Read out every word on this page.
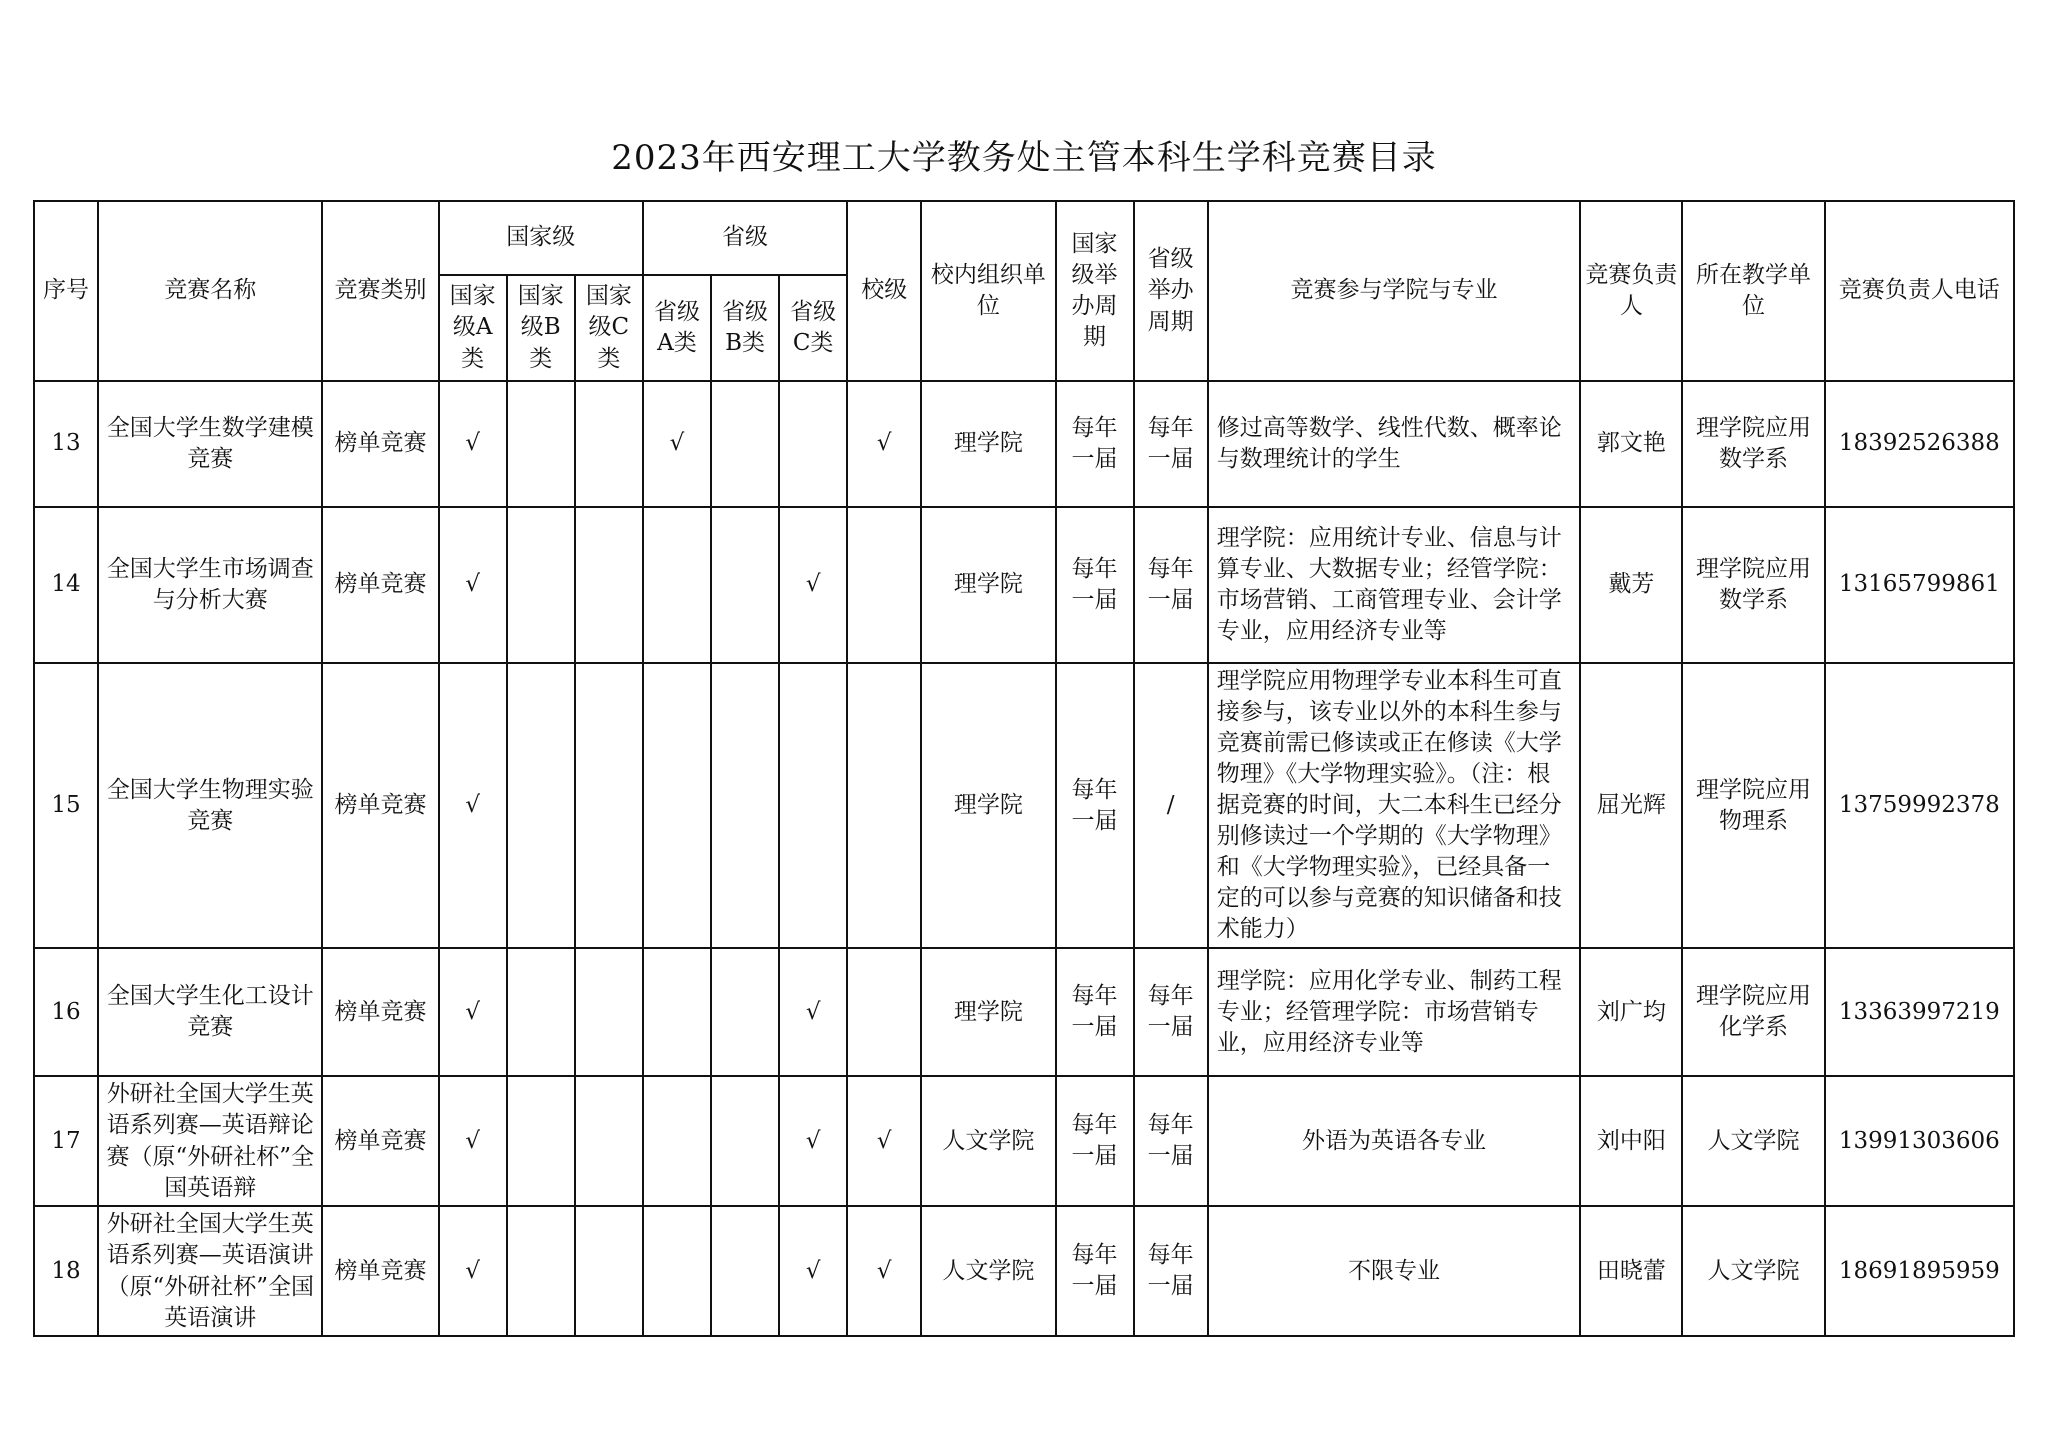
2023年西安理工大学教务处主管本科生学科竞赛目录
序号	竞赛名称	竞赛类别	国家级			省级			校级	校内组织单位	国家级举办周期	省级举办周期	竞赛参与学院与专业	竞赛负责人	所在教学单位	竞赛负责人电话
			国家级A类	国家级B类	国家级C类	省级A类	省级B类	省级C类								
13	全国大学生数学建模竞赛	榜单竞赛	√			√			√	理学院	每年一届	每年一届	修过高等数学、线性代数、概率论与数理统计的学生	郭文艳	理学院应用数学系	18392526388
14	全国大学生市场调查与分析大赛	榜单竞赛	√					√		理学院	每年一届	每年一届	理学院：应用统计专业、信息与计算专业、大数据专业；经管学院：市场营销、工商管理专业、会计学专业，应用经济专业等	戴芳	理学院应用数学系	13165799861
15	全国大学生物理实验竞赛	榜单竞赛	√							理学院	每年一届	/	理学院应用物理学专业本科生可直接参与，该专业以外的本科生参与竞赛前需已修读或正在修读《大学物理》《大学物理实验》。（注：根据竞赛的时间，大二本科生已经分别修读过一个学期的《大学物理》和《大学物理实验》，已经具备一定的可以参与竞赛的知识储备和技术能力）	屈光辉	理学院应用物理系	13759992378
16	全国大学生化工设计竞赛	榜单竞赛	√					√		理学院	每年一届	每年一届	理学院：应用化学专业、制药工程专业；经管理学院：市场营销专业，应用经济专业等	刘广均	理学院应用化学系	13363997219
17	外研社全国大学生英语系列赛—英语辩论赛（原“外研社杯”全国英语辩	榜单竞赛	√					√	√	人文学院	每年一届	每年一届	外语为英语各专业	刘中阳	人文学院	13991303606
18	外研社全国大学生英语系列赛—英语演讲（原“外研社杯”全国英语演讲	榜单竞赛	√					√	√	人文学院	每年一届	每年一届	不限专业	田晓蕾	人文学院	18691895959
